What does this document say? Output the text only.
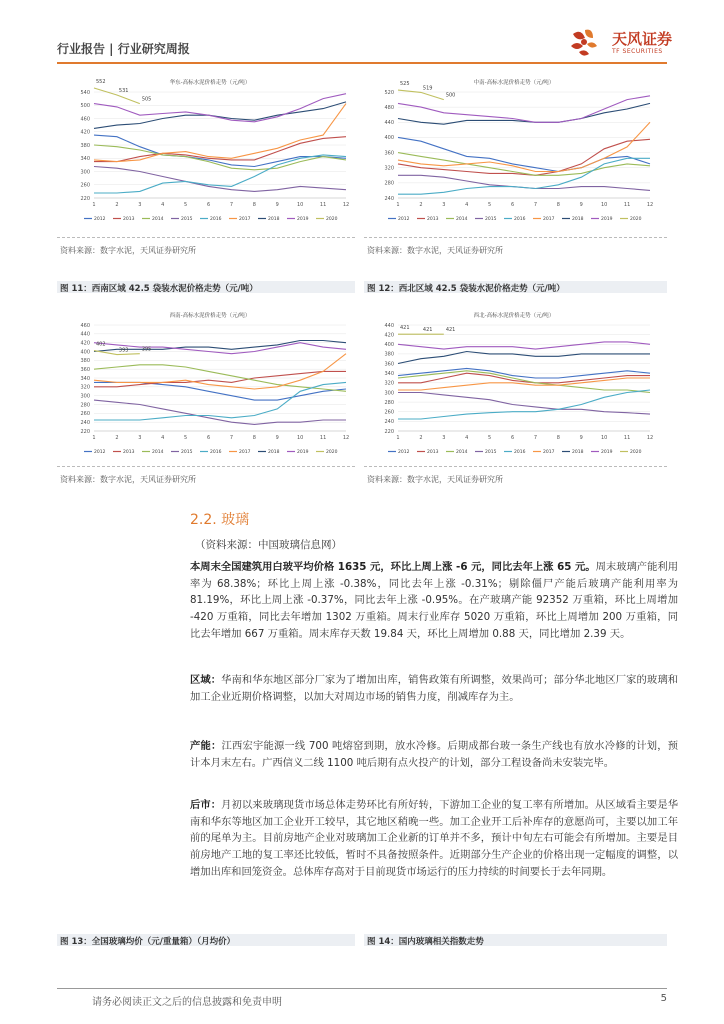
行业报告 | 行业研究周报
天风证券
TF SECURITIES
华东-高标水泥价格走势（元/吨）
220
260
300
340
380
420
460
500
540
1	2	3	4	5	6	7	8	9	10	11	12
552
531
505
2012	2013	2014	2015	2016	2017	2018	2019	2020
资料来源：数字水泥，天风证券研究所
中南-高标水泥价格走势（元/吨）
240
280
320
360
400
440
480
520
1	2	3	4	5	6	7	8	9	10	11	12
525
519
500
2012	2013	2014	2015	2016	2017	2018	2019	2020
资料来源：数字水泥，天风证券研究所
图 11：西南区域 42.5 袋装水泥价格走势（元/吨）	图 12：西北区域 42.5 袋装水泥价格走势（元/吨）
西南-高标水泥价格走势（元/吨）
220
240
260
280
300
320
340
360
380
400
420
440
460
1	2	3	4	5	6	7	8	9	10	11	12
402
393	395
2012	2013	2014	2015	2016	2017	2018	2019	2020
资料来源：数字水泥，天风证券研究所
西北-高标水泥价格走势（元/吨）
220
240
260
280
300
320
340
360
380
400
420
440
1	2	3	4	5	6	7	8	9	10	11	12
421	421	421
2012	2013	2014	2015	2016	2017	2018	2019	2020
资料来源：数字水泥，天风证券研究所
2.2. 玻璃
（资料来源：中国玻璃信息网）
本周末全国建筑用白玻平均价格 1635 元，环比上周上涨 -6 元，同比去年上涨 65 元。周末玻璃产能利用率为 68.38%；环比上周上涨 -0.38%，同比去年上涨 -0.31%；剔除僵尸产能后玻璃产能利用率为 81.19%，环比上周上涨 -0.37%，同比去年上涨 -0.95%。在产玻璃产能 92352 万重箱，环比上周增加 -420 万重箱，同比去年增加 1302 万重箱。周末行业库存 5020 万重箱，环比上周增加 200 万重箱，同比去年增加 667 万重箱。周末库存天数 19.84 天，环比上周增加 0.88 天，同比增加 2.39 天。
区域：华南和华东地区部分厂家为了增加出库，销售政策有所调整，效果尚可；部分华北地区厂家的玻璃和加工企业近期价格调整，以加大对周边市场的销售力度，削减库存为主。
产能：江西宏宇能源一线 700 吨熔窑到期，放水冷修。后期成都台玻一条生产线也有放水冷修的计划，预计本月末左右。广西信义二线 1100 吨后期有点火投产的计划，部分工程设备尚未安装完毕。
后市：月初以来玻璃现货市场总体走势环比有所好转，下游加工企业的复工率有所增加。从区域看主要是华南和华东等地区加工企业开工较早，其它地区稍晚一些。加工企业开工后补库存的意愿尚可，主要以加工年前的尾单为主。目前房地产企业对玻璃加工企业新的订单并不多，预计中旬左右可能会有所增加。主要是目前房地产工地的复工率还比较低，暂时不具备按照条件。近期部分生产企业的价格出现一定幅度的调整，以增加出库和回笼资金。总体库存高对于目前现货市场运行的压力持续的时间要长于去年同期。
图 13：全国玻璃均价（元/重量箱）（月均价）	图 14：国内玻璃相关指数走势
请务必阅读正文之后的信息披露和免责申明	5
